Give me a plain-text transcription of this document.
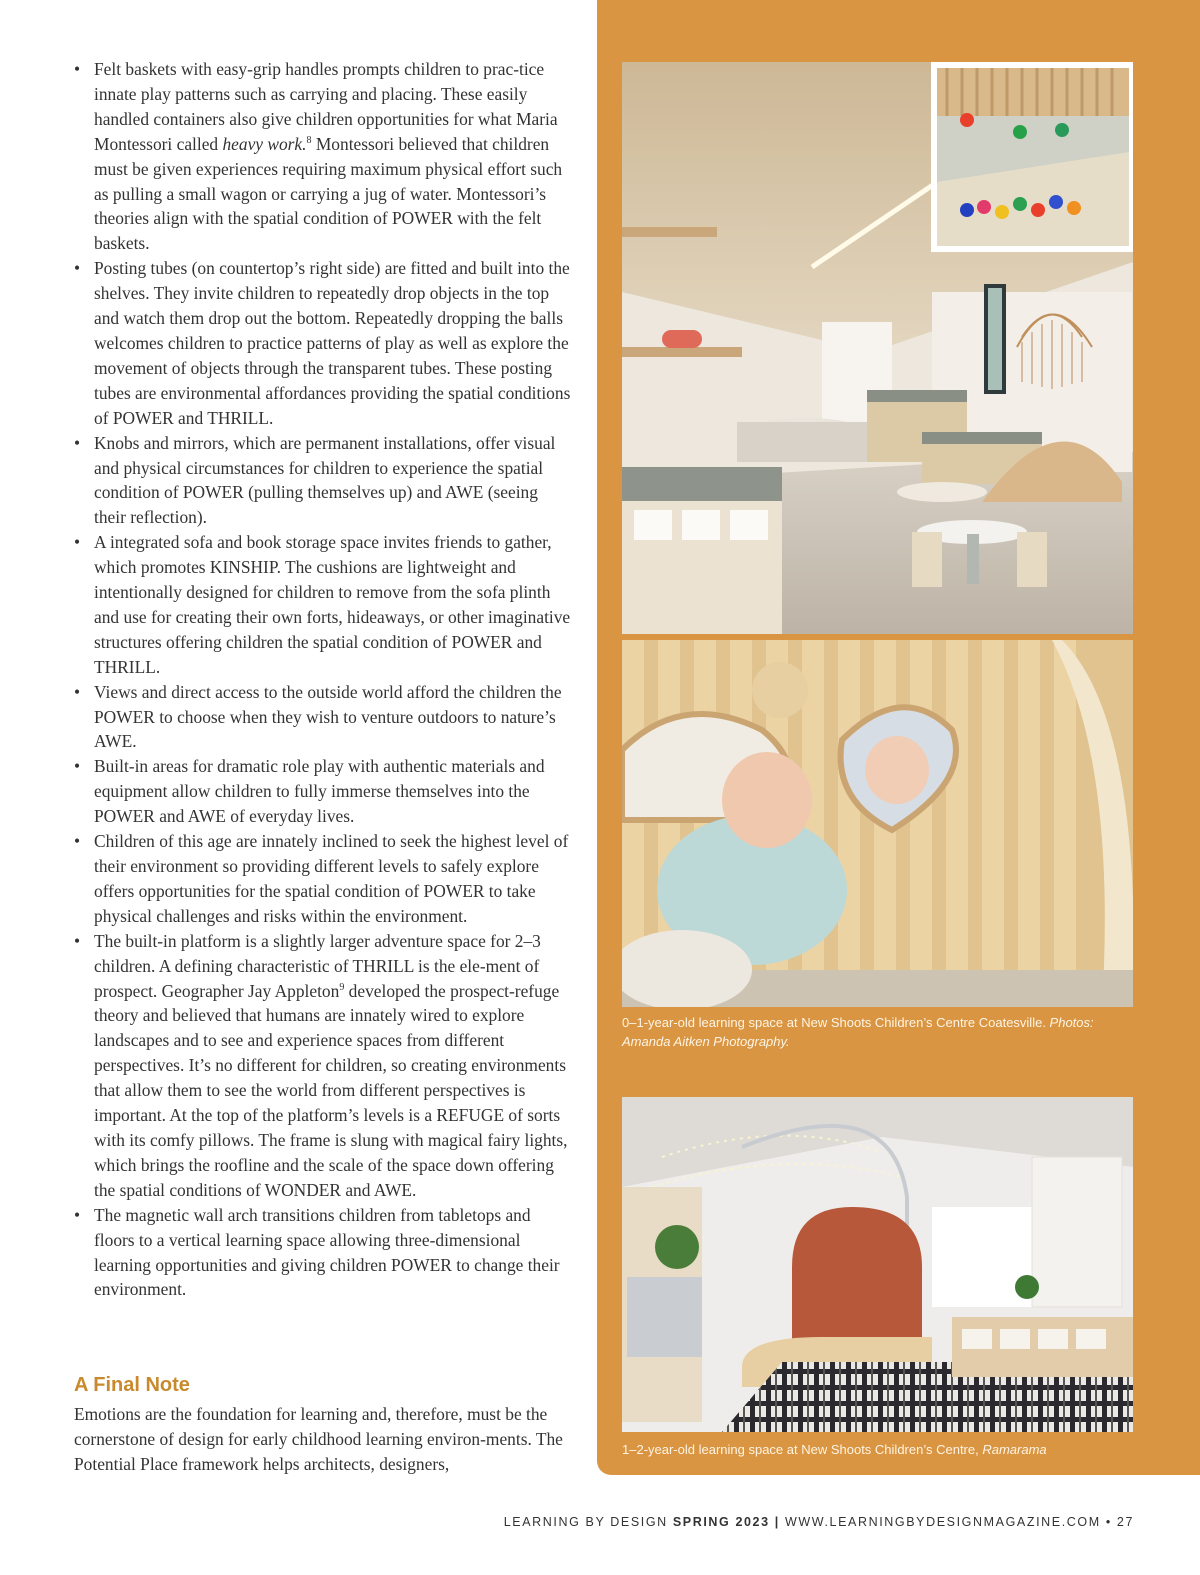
• Felt baskets with easy-grip handles prompts children to prac-tice innate play patterns such as carrying and placing. These easily handled containers also give children opportunities for what Maria Montessori called heavy work.$^8$ Montessori believed that children must be given experiences requiring maximum physical effort such as pulling a small wagon or carrying a jug of water. Montessori’s theories align with the spatial condition of POWER with the felt baskets.
• Posting tubes (on countertop’s right side) are fitted and built into the shelves. They invite children to repeatedly drop objects in the top and watch them drop out the bottom. Repeatedly dropping the balls welcomes children to practice patterns of play as well as explore the movement of objects through the transparent tubes. These posting tubes are environmental affordances providing the spatial conditions of POWER and THRILL.
• Knobs and mirrors, which are permanent installations, offer visual and physical circumstances for children to experience the spatial condition of POWER (pulling themselves up) and AWE (seeing their reflection).
• A integrated sofa and book storage space invites friends to gather, which promotes KINSHIP. The cushions are lightweight and intentionally designed for children to remove from the sofa plinth and use for creating their own forts, hideaways, or other imaginative structures offering children the spatial condition of POWER and THRILL.
• Views and direct access to the outside world afford the children the POWER to choose when they wish to venture outdoors to nature’s AWE.
• Built-in areas for dramatic role play with authentic materials and equipment allow children to fully immerse themselves into the POWER and AWE of everyday lives.
• Children of this age are innately inclined to seek the highest level of their environment so providing different levels to safely explore offers opportunities for the spatial condition of POWER to take physical challenges and risks within the environment.
• The built-in platform is a slightly larger adventure space for 2–3 children. A defining characteristic of THRILL is the ele-ment of prospect. Geographer Jay Appleton$^9$ developed the prospect-refuge theory and believed that humans are innately wired to explore landscapes and to see and experience spaces from different perspectives. It’s no different for children, so creating environments that allow them to see the world from different perspectives is important. At the top of the platform’s levels is a REFUGE of sorts with its comfy pillows. The frame is slung with magical fairy lights, which brings the roofline and the scale of the space down offering the spatial conditions of WONDER and AWE.
• The magnetic wall arch transitions children from tabletops and floors to a vertical learning space allowing three-dimensional learning opportunities and giving children POWER to change their environment.
A Final Note

Emotions are the foundation for learning and, therefore, must be the cornerstone of design for early childhood learning environ-ments. The Potential Place framework helps architects, designers,

0–1-year-old learning space at New Shoots Children’s Centre Coatesville. Photos: Amanda Aitken Photography.

1–2-year-old learning space at New Shoots Children’s Centre, Ramarama

LEARNING BY DESIGN SPRING 2023 | WWW.LEARNINGBYDESIGNMAGAZINE.COM • 27
